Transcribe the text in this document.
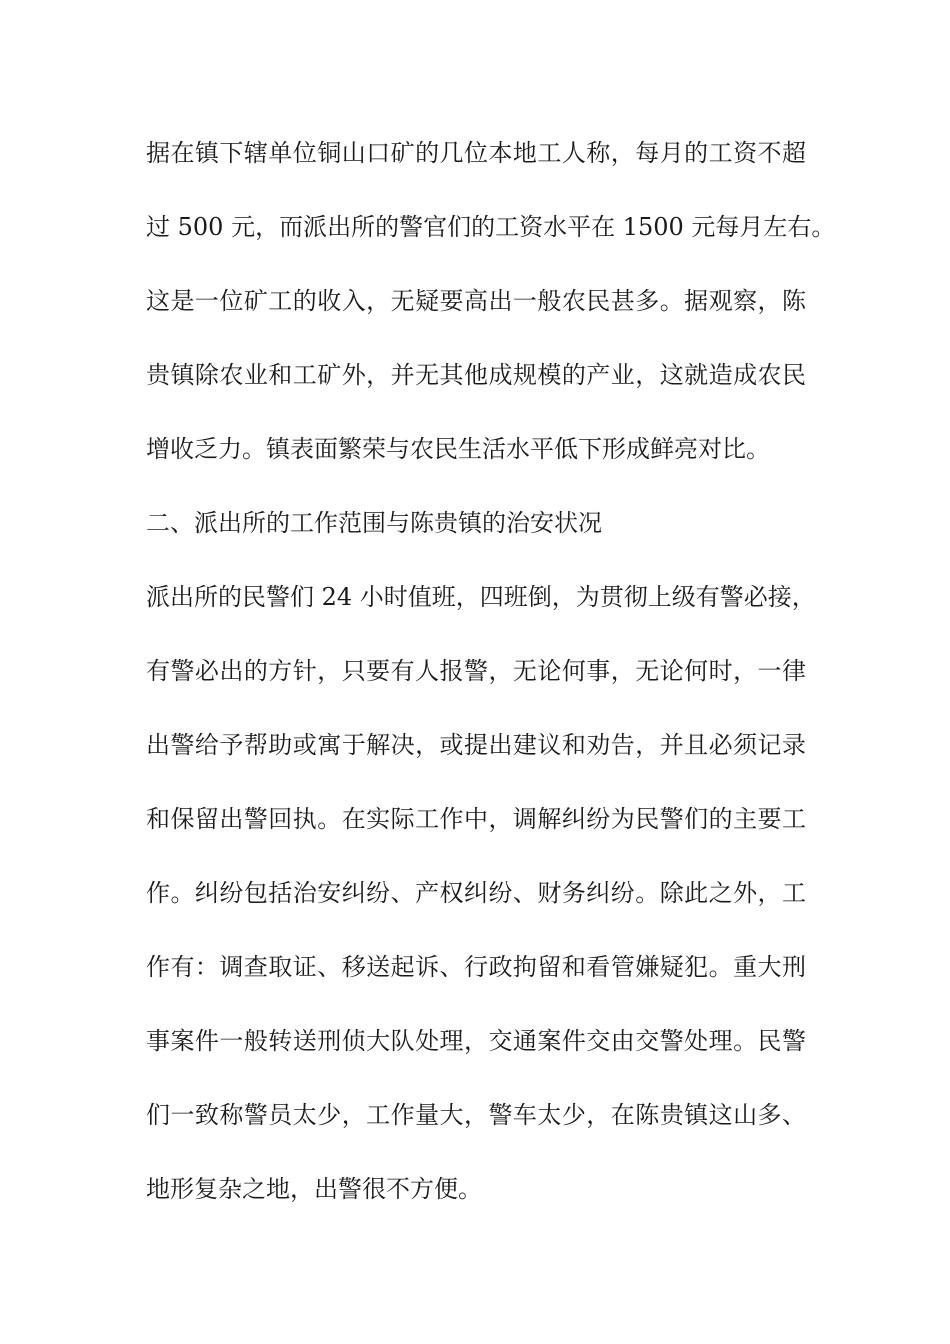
据在镇下辖单位铜山口矿的几位本地工人称，每月的工资不超
过 500 元，而派出所的警官们的工资水平在 1500 元每月左右。
这是一位矿工的收入，无疑要高出一般农民甚多。据观察，陈
贵镇除农业和工矿外，并无其他成规模的产业，这就造成农民
增收乏力。镇表面繁荣与农民生活水平低下形成鲜亮对比。
二、派出所的工作范围与陈贵镇的治安状况
派出所的民警们 24 小时值班，四班倒，为贯彻上级有警必接，
有警必出的方针，只要有人报警，无论何事，无论何时，一律
出警给予帮助或寓于解决，或提出建议和劝告，并且必须记录
和保留出警回执。在实际工作中，调解纠纷为民警们的主要工
作。纠纷包括治安纠纷、产权纠纷、财务纠纷。除此之外，工
作有：调查取证、移送起诉、行政拘留和看管嫌疑犯。重大刑
事案件一般转送刑侦大队处理，交通案件交由交警处理。民警
们一致称警员太少，工作量大，警车太少，在陈贵镇这山多、
地形复杂之地，出警很不方便。
